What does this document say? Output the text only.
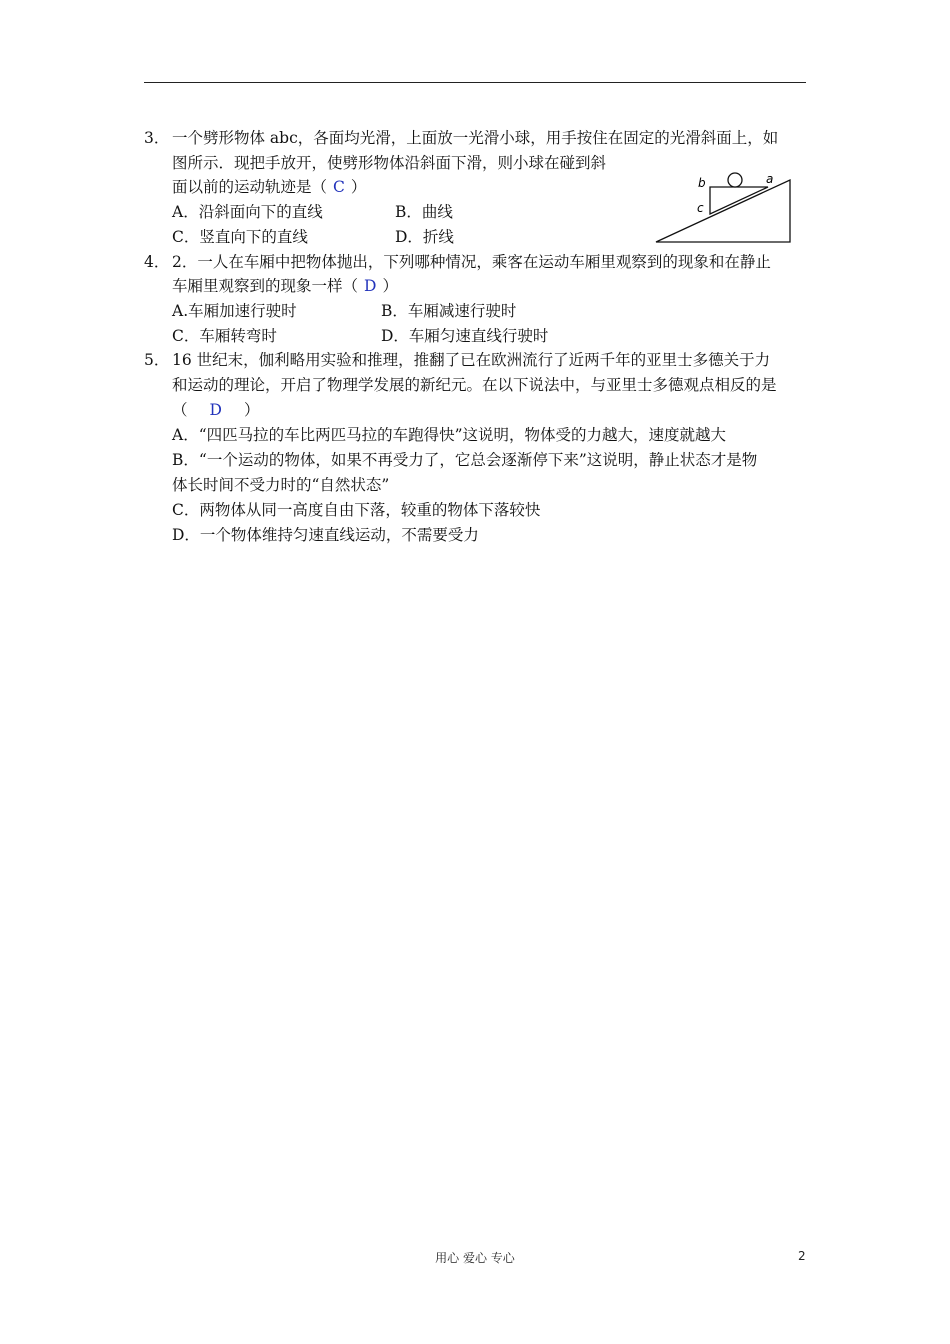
3． 一个劈形物体 abc，各面均光滑，上面放一光滑小球，用手按住在固定的光滑斜面上，如
图所示．现把手放开，使劈形物体沿斜面下滑，则小球在碰到斜
面以前的运动轨迹是（ C ）
A．沿斜面向下的直线	B．曲线
C．竖直向下的直线	D．折线
a
b
c
4． 2．一人在车厢中把物体抛出，下列哪种情况，乘客在运动车厢里观察到的现象和在静止
车厢里观察到的现象一样（ D ）
A.车厢加速行驶时	B．车厢减速行驶时
C．车厢转弯时	D．车厢匀速直线行驶时
5． 16 世纪末，伽利略用实验和推理，推翻了已在欧洲流行了近两千年的亚里士多德关于力
和运动的理论，开启了物理学发展的新纪元。在以下说法中，与亚里士多德观点相反的是
（ D ）
A．“四匹马拉的车比两匹马拉的车跑得快”这说明，物体受的力越大，速度就越大
B．“一个运动的物体，如果不再受力了，它总会逐渐停下来”这说明，静止状态才是物
体长时间不受力时的“自然状态”
C．两物体从同一高度自由下落，较重的物体下落较快
D．一个物体维持匀速直线运动，不需要受力
用心 爱心 专心	2
